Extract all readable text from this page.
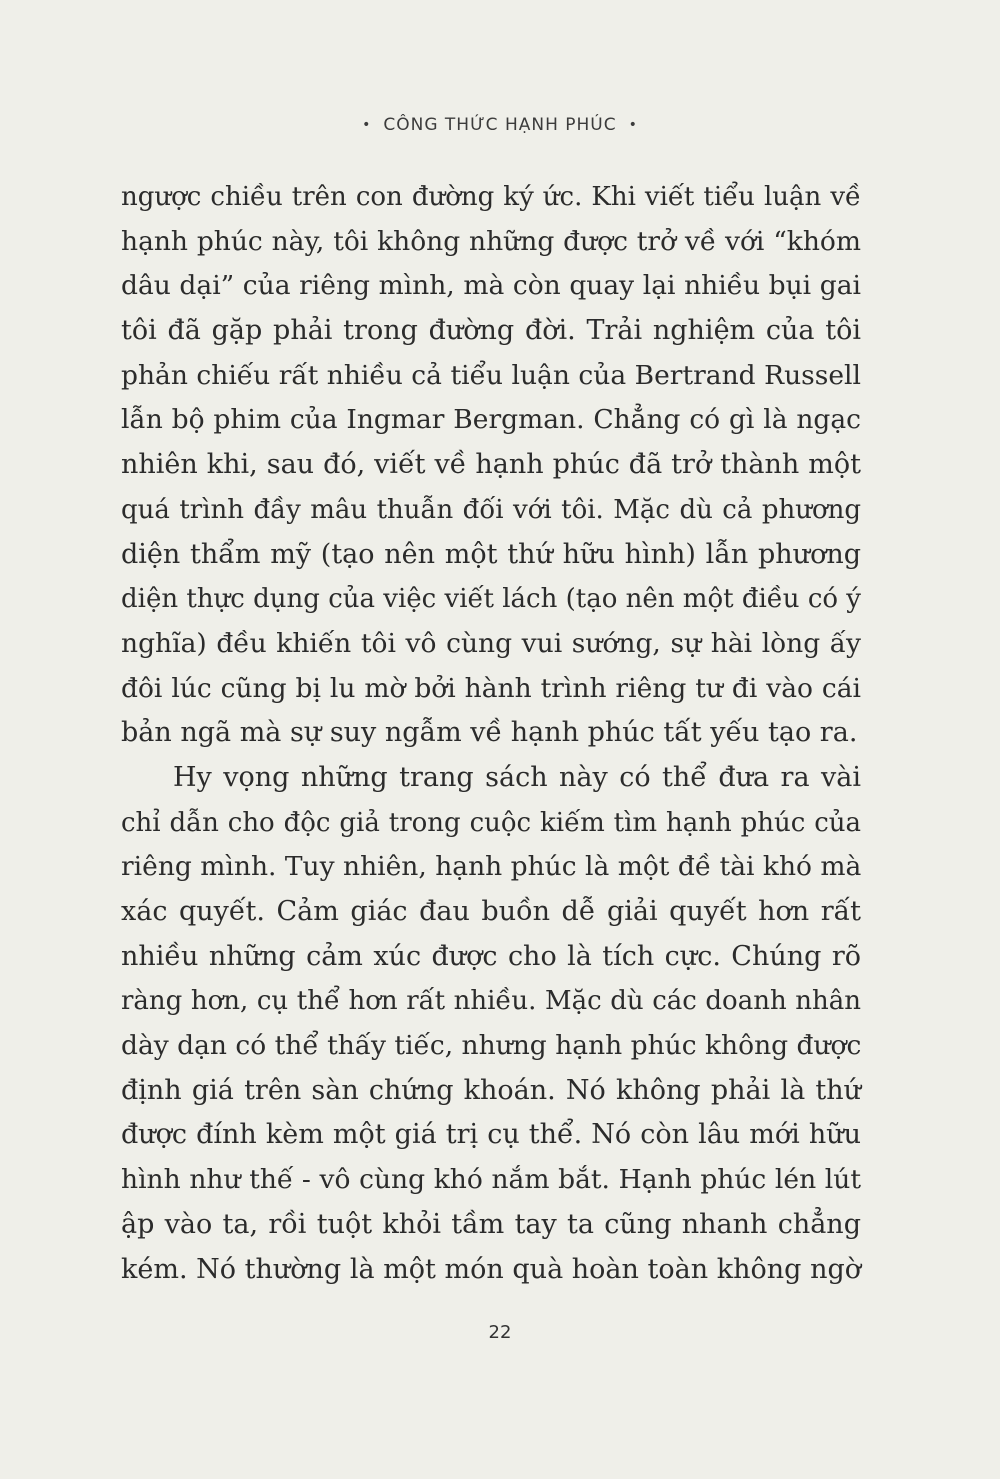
• CÔNG THỨC HẠNH PHÚC •
ngược chiều trên con đường ký ức. Khi viết tiểu luận về
hạnh phúc này, tôi không những được trở về với “khóm
dâu dại” của riêng mình, mà còn quay lại nhiều bụi gai
tôi đã gặp phải trong đường đời. Trải nghiệm của tôi
phản chiếu rất nhiều cả tiểu luận của Bertrand Russell
lẫn bộ phim của Ingmar Bergman. Chẳng có gì là ngạc
nhiên khi, sau đó, viết về hạnh phúc đã trở thành một
quá trình đầy mâu thuẫn đối với tôi. Mặc dù cả phương
diện thẩm mỹ (tạo nên một thứ hữu hình) lẫn phương
diện thực dụng của việc viết lách (tạo nên một điều có ý
nghĩa) đều khiến tôi vô cùng vui sướng, sự hài lòng ấy
đôi lúc cũng bị lu mờ bởi hành trình riêng tư đi vào cái
bản ngã mà sự suy ngẫm về hạnh phúc tất yếu tạo ra.
Hy vọng những trang sách này có thể đưa ra vài
chỉ dẫn cho độc giả trong cuộc kiếm tìm hạnh phúc của
riêng mình. Tuy nhiên, hạnh phúc là một đề tài khó mà
xác quyết. Cảm giác đau buồn dễ giải quyết hơn rất
nhiều những cảm xúc được cho là tích cực. Chúng rõ
ràng hơn, cụ thể hơn rất nhiều. Mặc dù các doanh nhân
dày dạn có thể thấy tiếc, nhưng hạnh phúc không được
định giá trên sàn chứng khoán. Nó không phải là thứ
được đính kèm một giá trị cụ thể. Nó còn lâu mới hữu
hình như thế - vô cùng khó nắm bắt. Hạnh phúc lén lút
ập vào ta, rồi tuột khỏi tầm tay ta cũng nhanh chẳng
kém. Nó thường là một món quà hoàn toàn không ngờ
22
